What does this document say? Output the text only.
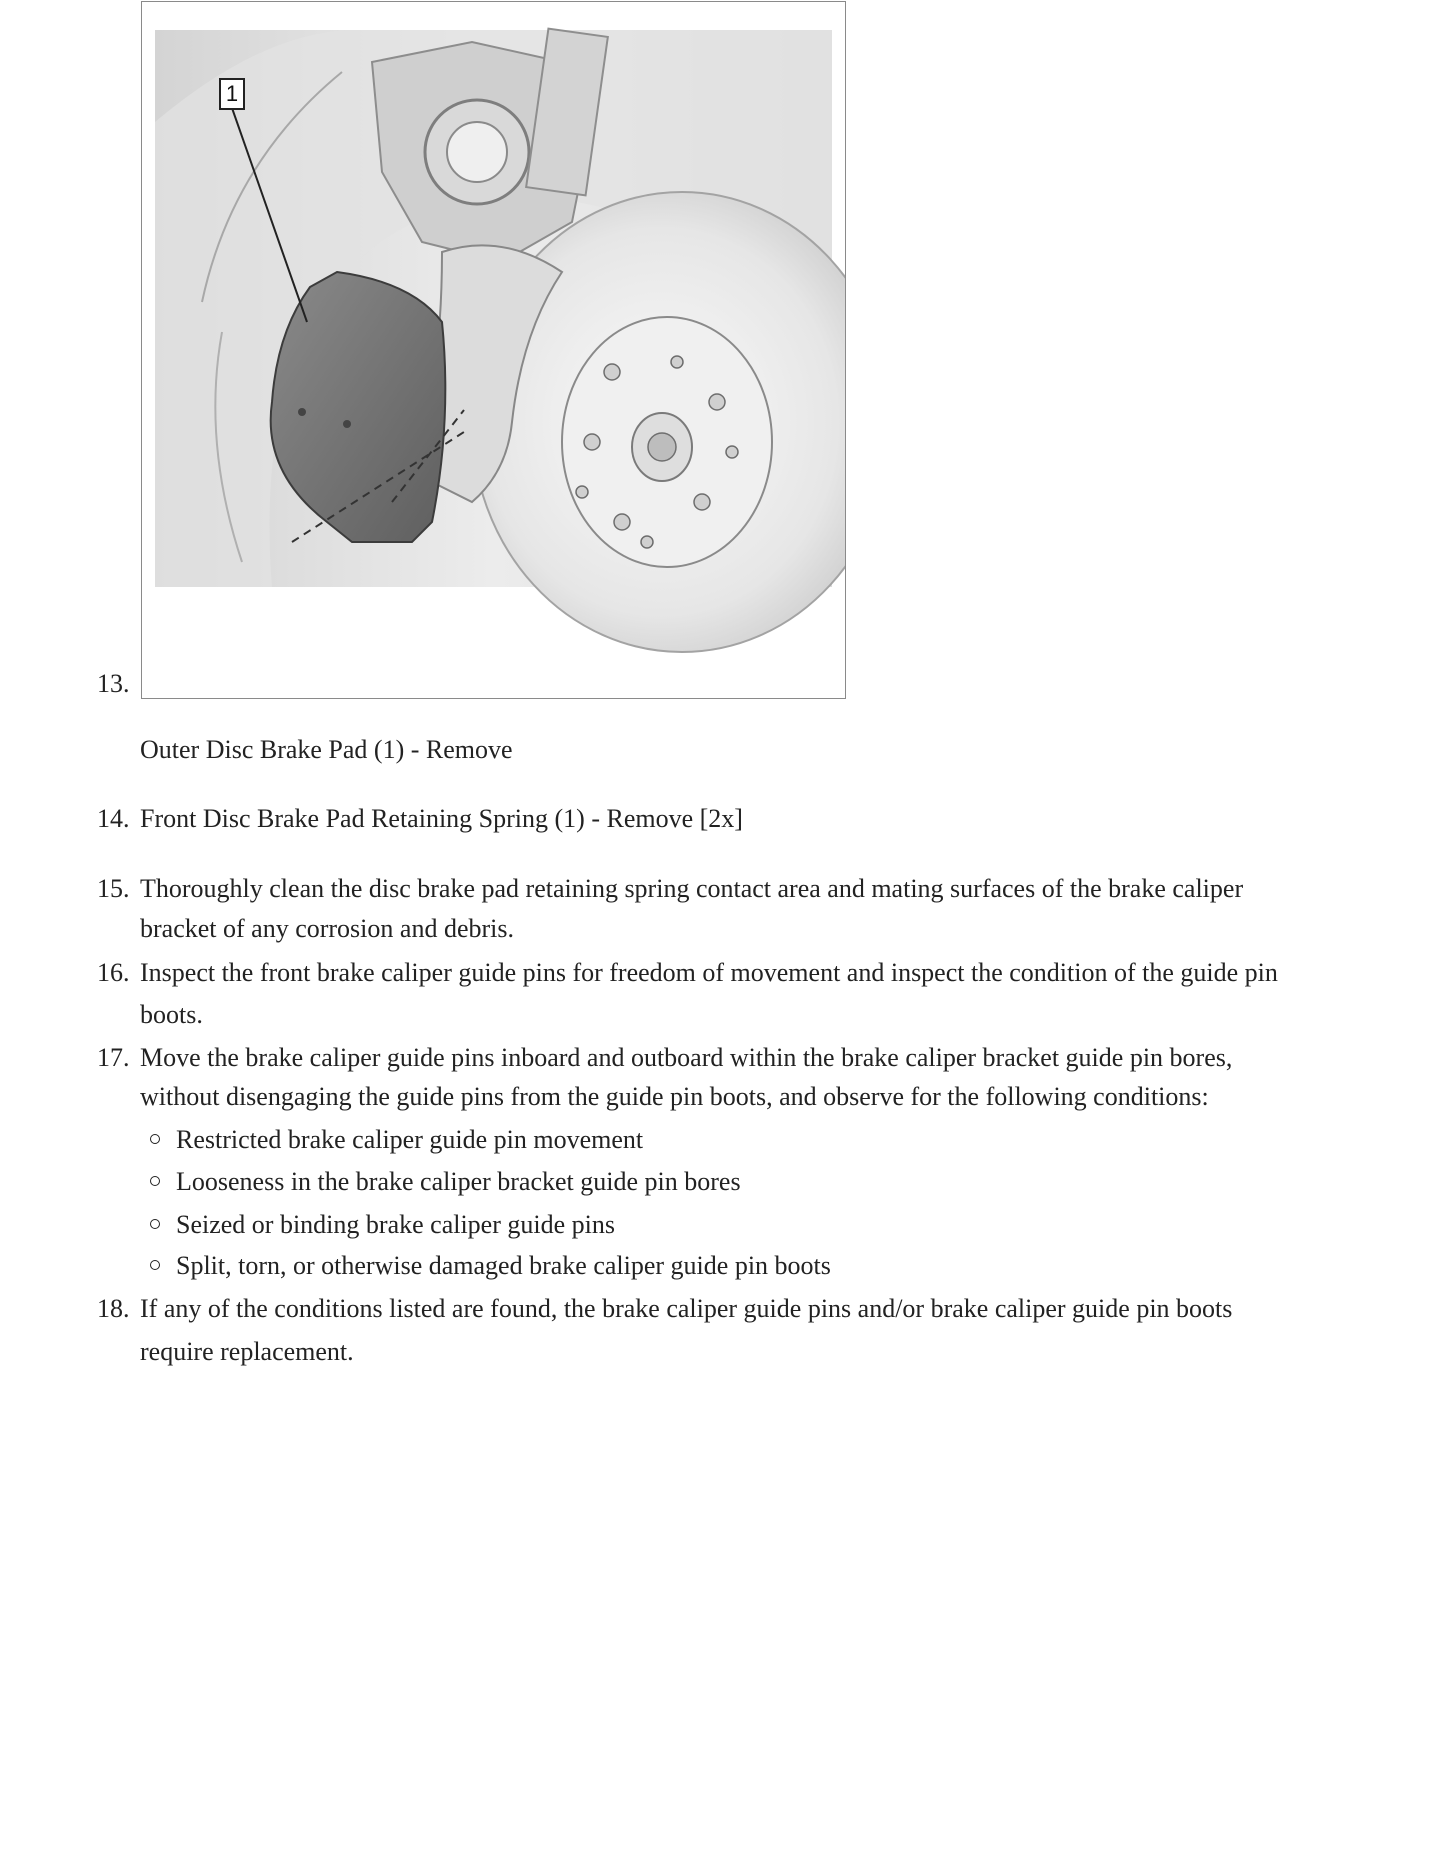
1
13.
Outer Disc Brake Pad (1) - Remove
14. Front Disc Brake Pad Retaining Spring (1) - Remove [2x]
15. Thoroughly clean the disc brake pad retaining spring contact area and mating surfaces of the brake caliper
bracket of any corrosion and debris.
16. Inspect the front brake caliper guide pins for freedom of movement and inspect the condition of the guide pin
boots.
17. Move the brake caliper guide pins inboard and outboard within the brake caliper bracket guide pin bores,
without disengaging the guide pins from the guide pin boots, and observe for the following conditions:
Restricted brake caliper guide pin movement
Looseness in the brake caliper bracket guide pin bores
Seized or binding brake caliper guide pins
Split, torn, or otherwise damaged brake caliper guide pin boots
18. If any of the conditions listed are found, the brake caliper guide pins and/or brake caliper guide pin boots
require replacement.
